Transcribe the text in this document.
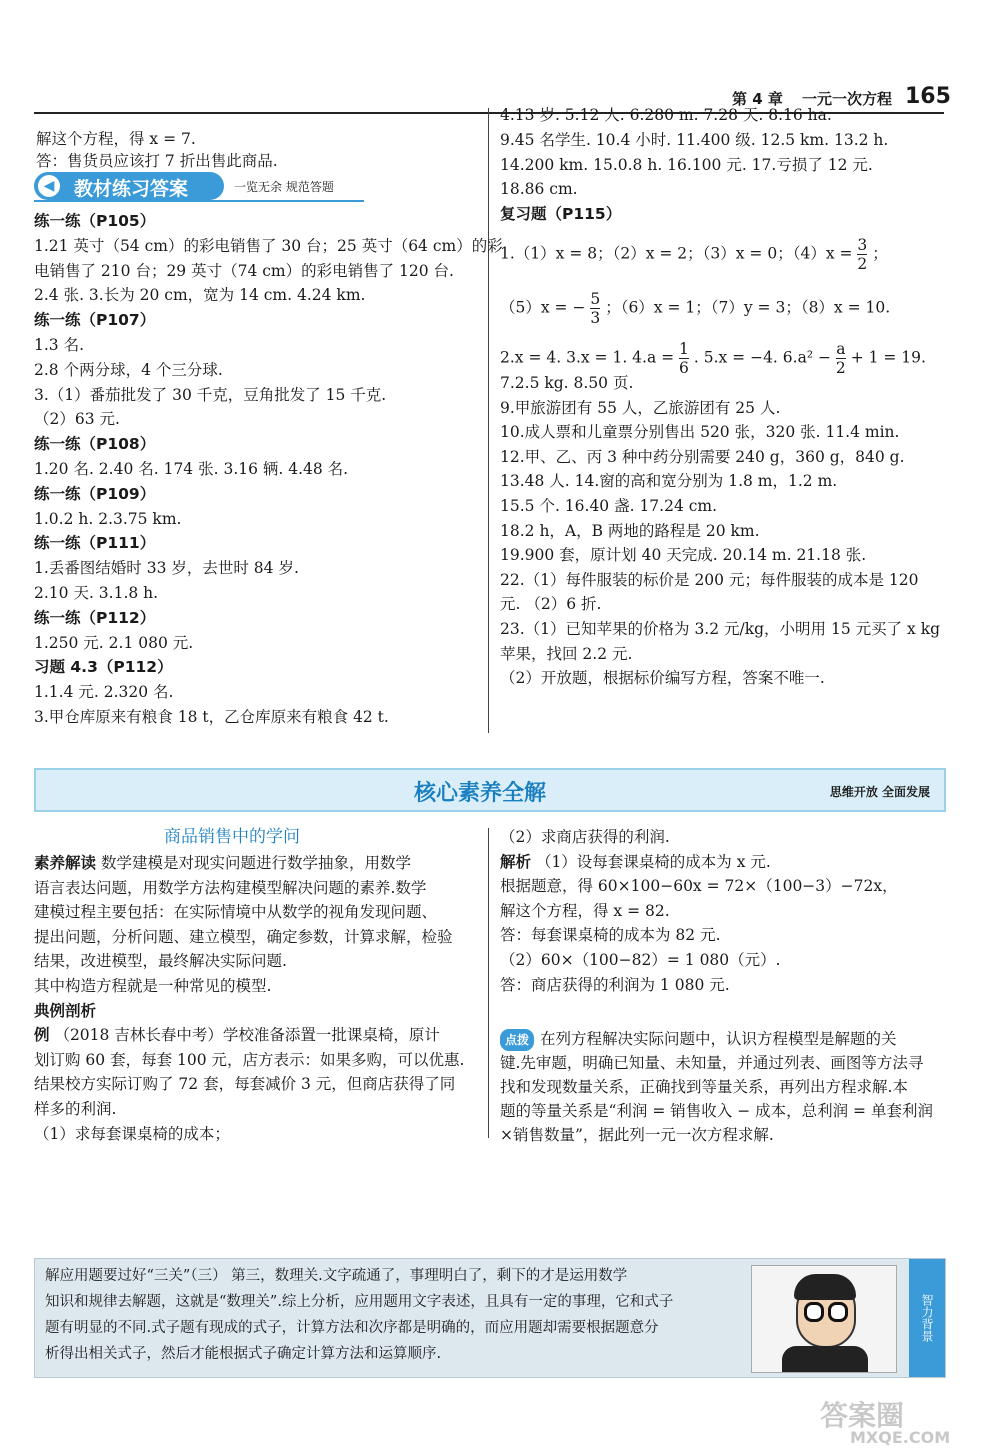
第 4 章 一元一次方程 165
解这个方程，得 x = 7.
答：售货员应该打 7 折出售此商品.
◀ 教材练习答案	一览无余 规范答题
练一练（P105）
1.21 英寸（54 cm）的彩电销售了 30 台；25 英寸（64 cm）的彩
电销售了 210 台；29 英寸（74 cm）的彩电销售了 120 台.
2.4 张. 3.长为 20 cm，宽为 14 cm. 4.24 km.
练一练（P107）
1.3 名.
2.8 个两分球，4 个三分球.
3.（1）番茄批发了 30 千克，豆角批发了 15 千克.
（2）63 元.
练一练（P108）
1.20 名. 2.40 名. 174 张. 3.16 辆. 4.48 名.
练一练（P109）
1.0.2 h. 2.3.75 km.
练一练（P111）
1.丢番图结婚时 33 岁，去世时 84 岁.
2.10 天. 3.1.8 h.
练一练（P112）
1.250 元. 2.1 080 元.
习题 4.3（P112）
1.1.4 元. 2.320 名.
3.甲仓库原来有粮食 18 t，乙仓库原来有粮食 42 t.
4.13 岁. 5.12 人. 6.280 m. 7.28 天. 8.16 ha.
9.45 名学生. 10.4 小时. 11.400 级. 12.5 km. 13.2 h.
14.200 km. 15.0.8 h. 16.100 元. 17.亏损了 12 元.
18.86 cm.
复习题（P115）
1.（1）x = 8；（2）x = 2；（3）x = 0；$(4)x = \frac{3}{2}$ ；
（5）x = − $\frac{5}{3}$ ；（6）x = 1；（7）y = 3；（8）x = 10.
2.x = 4. 3.x = 1. $4.a = \frac{1}{6}$ . 5.x = −4. $6.a^2 - \frac{a}{2} + 1 = 19$.
7.2.5 kg. 8.50 页.
9.甲旅游团有 55 人，乙旅游团有 25 人.
10.成人票和儿童票分别售出 520 张，320 张. 11.4 min.
12.甲、乙、丙 3 种中药分别需要 240 g，360 g，840 g.
13.48 人. 14.窗的高和宽分别为 1.8 m，1.2 m.
15.5 个. 16.40 盏. 17.24 cm.
18.2 h，A，B 两地的路程是 20 km.
19.900 套，原计划 40 天完成. 20.14 m. 21.18 张.
22.（1）每件服装的标价是 200 元；每件服装的成本是 120
元. （2）6 折.
23.（1）已知苹果的价格为 3.2 元/kg，小明用 15 元买了 x kg
苹果，找回 2.2 元.
（2）开放题，根据标价编写方程，答案不唯一.
核心素养全解	思维开放 全面发展
商品销售中的学问
素养解读 数学建模是对现实问题进行数学抽象，用数学
语言表达问题，用数学方法构建模型解决问题的素养.数学
建模过程主要包括：在实际情境中从数学的视角发现问题、
提出问题，分析问题、建立模型，确定参数，计算求解，检验
结果，改进模型，最终解决实际问题.
其中构造方程就是一种常见的模型.
典例剖析
例 （2018 吉林长春中考）学校准备添置一批课桌椅，原计
划订购 60 套，每套 100 元，店方表示：如果多购，可以优惠.
结果校方实际订购了 72 套，每套减价 3 元，但商店获得了同
样多的利润.
（1）求每套课桌椅的成本；
（2）求商店获得的利润.
解析 （1）设每套课桌椅的成本为 x 元.
根据题意，得 60×100−60x = 72×（100−3）−72x，
解这个方程，得 x = 82.
答：每套课桌椅的成本为 82 元.
（2）60×（100−82）= 1 080（元）.
答：商店获得的利润为 1 080 元.
点拨 在列方程解决实际问题中，认识方程模型是解题的关
键.先审题，明确已知量、未知量，并通过列表、画图等方法寻
找和发现数量关系，正确找到等量关系，再列出方程求解.本
题的等量关系是“利润 = 销售收入 − 成本，总利润 = 单套利润
×销售数量”，据此列一元一次方程求解.
解应用题要过好“三关”（三） 第三，数理关.文字疏通了，事理明白了，剩下的才是运用数学
知识和规律去解题，这就是“数理关”.综上分析，应用题用文字表述，且具有一定的事理，它和式子
题有明显的不同.式子题有现成的式子，计算方法和次序都是明确的，而应用题却需要根据题意分
析得出相关式子，然后才能根据式子确定计算方法和运算顺序.
智力背景
答案圈
MXQE.COM
